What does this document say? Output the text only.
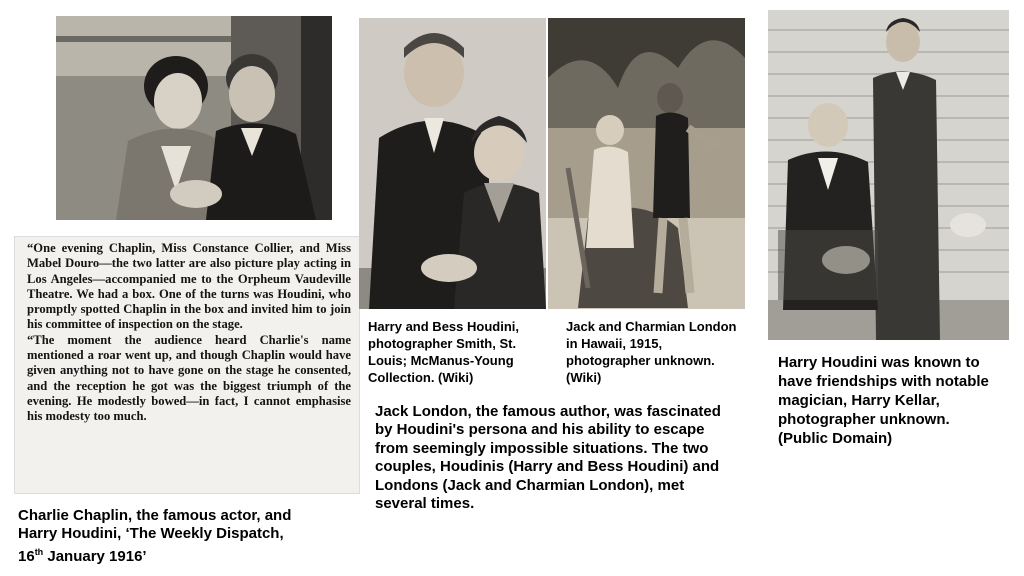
“One evening Chaplin, Miss Constance Collier, and Miss Mabel Douro—the two latter are also picture play acting in Los Angeles—accompanied me to the Orpheum Vaudeville Theatre. We had a box. One of the turns was Houdini, who promptly spotted Chaplin in the box and invited him to join his committee of inspection on the stage.
“The moment the audience heard Charlie's name mentioned a roar went up, and though Chaplin would have given anything not to have gone on the stage he consented, and the reception he got was the biggest triumph of the evening. He modestly bowed—in fact, I cannot emphasise his modesty too much.

Charlie Chaplin, the famous actor, and
Harry Houdini, ‘The Weekly Dispatch,
16th January 1916’

Harry and Bess Houdini, photographer Smith, St. Louis; McManus-Young Collection. (Wiki)

Jack and Charmian London in Hawaii, 1915, photographer unknown. (Wiki)

Jack London, the famous author, was fascinated by Houdini's persona and his ability to escape from seemingly impossible situations. The two couples, Houdinis (Harry and Bess Houdini) and Londons (Jack and Charmian London), met several times.

Harry Houdini was known to have friendships with notable magician, Harry Kellar, photographer unknown. (Public Domain)
